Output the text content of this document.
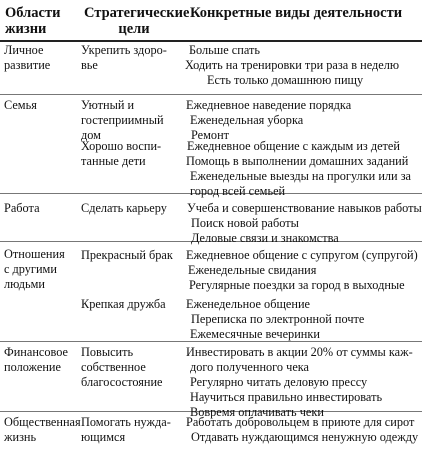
Области жизни
Стратегические цели
Конкретные виды деятельности
Личное
развитие
Укрепить здоро-
вье
Больше спать
Ходить на тренировки три раза в неделю
Есть только домашнюю пищу
Семья	Уютный и
гостеприимный
дом
Ежедневное наведение порядка
Еженедельная уборка
Ремонт
Хорошо воспи-
танные дети
Ежедневное общение с каждым из детей
Помощь в выполнении домашних заданий
Еженедельные выезды на прогулки или за
город всей семьей
Работа	Сделать карьеру Учеба и совершенствование навыков работы
Поиск новой работы
Деловые связи и знакомства
Отношения
с другими
людьми
Прекрасный брак Ежедневное общение с супругом (супругой)
Еженедельные свидания
Регулярные поездки за город в выходные
Крепкая дружба Еженедельное общение
Переписка по электронной почте
Ежемесячные вечеринки
Финансовое
положение
Повысить
собственное
благосостояние
Инвестировать в акции 20% от суммы каж-
дого полученного чека
Регулярно читать деловую прессу
Научиться правильно инвестировать
Вовремя оплачивать чеки
Общественная
жизнь
Помогать нужда-
ющимся
Работать добровольцем в приюте для сирот
Отдавать нуждающимся ненужную одежду
